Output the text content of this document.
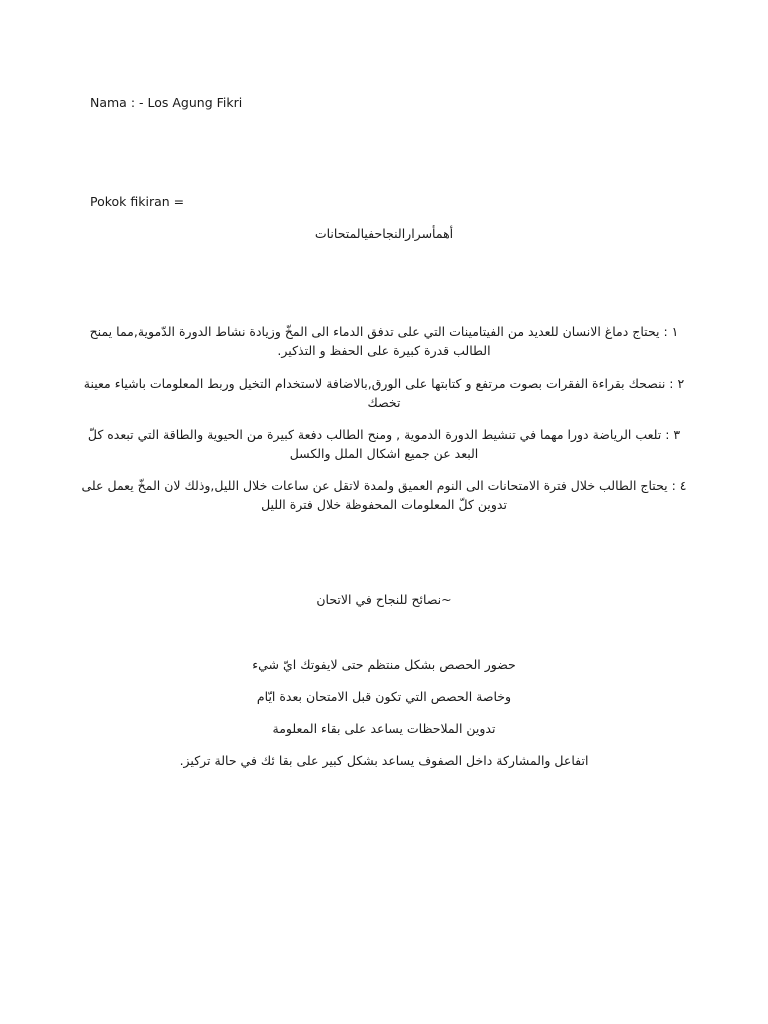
Nama : - Los Agung Fikri
Pokok fikiran =
أهمأسرارالنجاحفيالمتحانات
١ : يحتاج دماغ الانسان للعديد من الفيتامينات التي على تدفق الدماء الى المخّ وزيادة نشاط الدورة الدّموية,مما يمنح الطالب قدرة كبيرة على الحفظ و التذكير.
٢ : ننصحك بقراءة الفقرات بصوت مرتفع و كتابتها على الورق,بالاضافة لاستخدام التخيل وربط المعلومات باشياء معينة تخصك
٣ : تلعب الرياضة دورا مهما في تنشيط الدورة الدموية , ومنح الطالب دفعة كبيرة من الحيوية والطاقة التي تبعده كلّ البعد عن جميع اشكال الملل والكسل
٤ : يحتاج الطالب خلال فترة الامتحانات الى النوم العميق ولمدة لاتقل عن ساعات خلال الليل,وذلك لان المخّ يعمل على تدوين كلّ المعلومات المحفوظة خلال فترة الليل
~نصائح للنجاح في الاتحان
حضور الحصص بشكل منتظم حتى لايفوتك ايّ شيء
وخاصة الحصص التي تكون قبل الامتحان بعدة ايّام
تدوين الملاحظات يساعد على بقاء المعلومة
اتفاعل والمشاركة داخل الصفوف يساعد بشكل كبير على بقا ئك في حالة تركيز.
